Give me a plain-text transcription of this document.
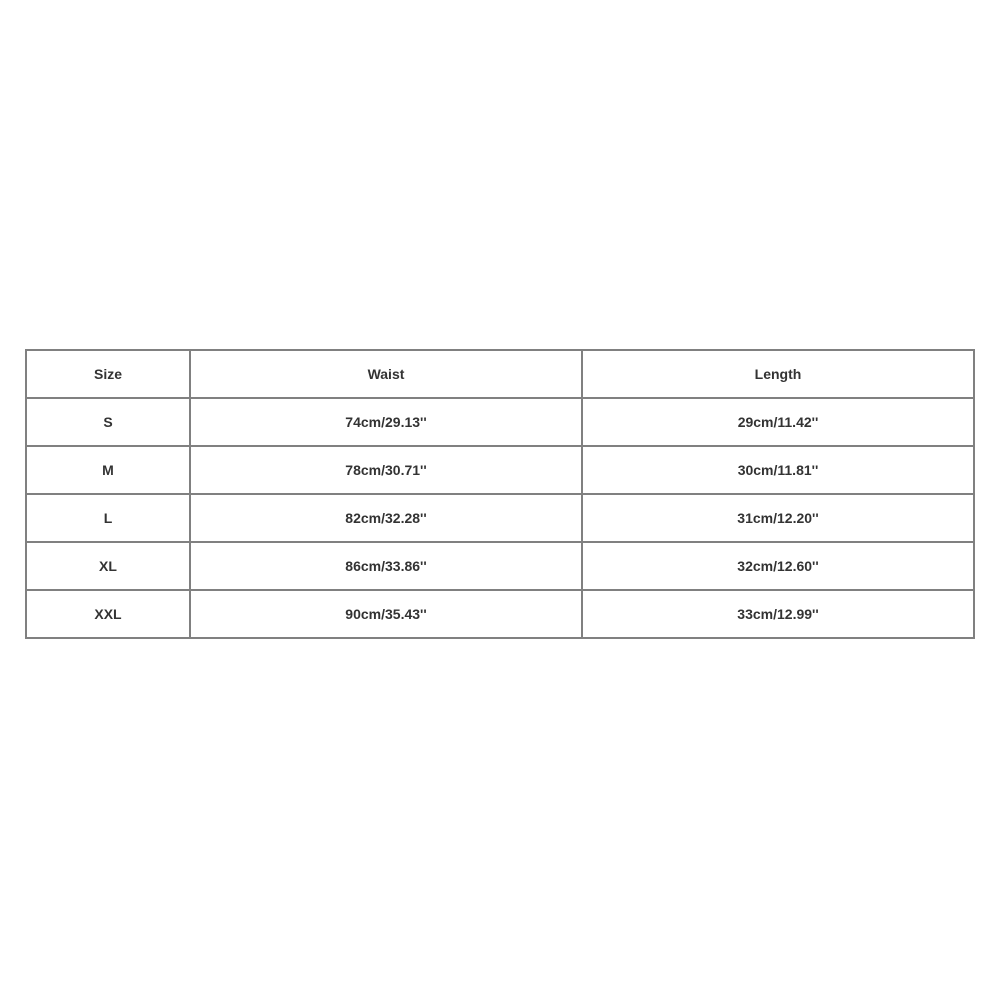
Size	Waist	Length
S	74cm/29.13''	29cm/11.42''
M	78cm/30.71''	30cm/11.81''
L	82cm/32.28''	31cm/12.20''
XL	86cm/33.86''	32cm/12.60''
XXL	90cm/35.43''	33cm/12.99''
